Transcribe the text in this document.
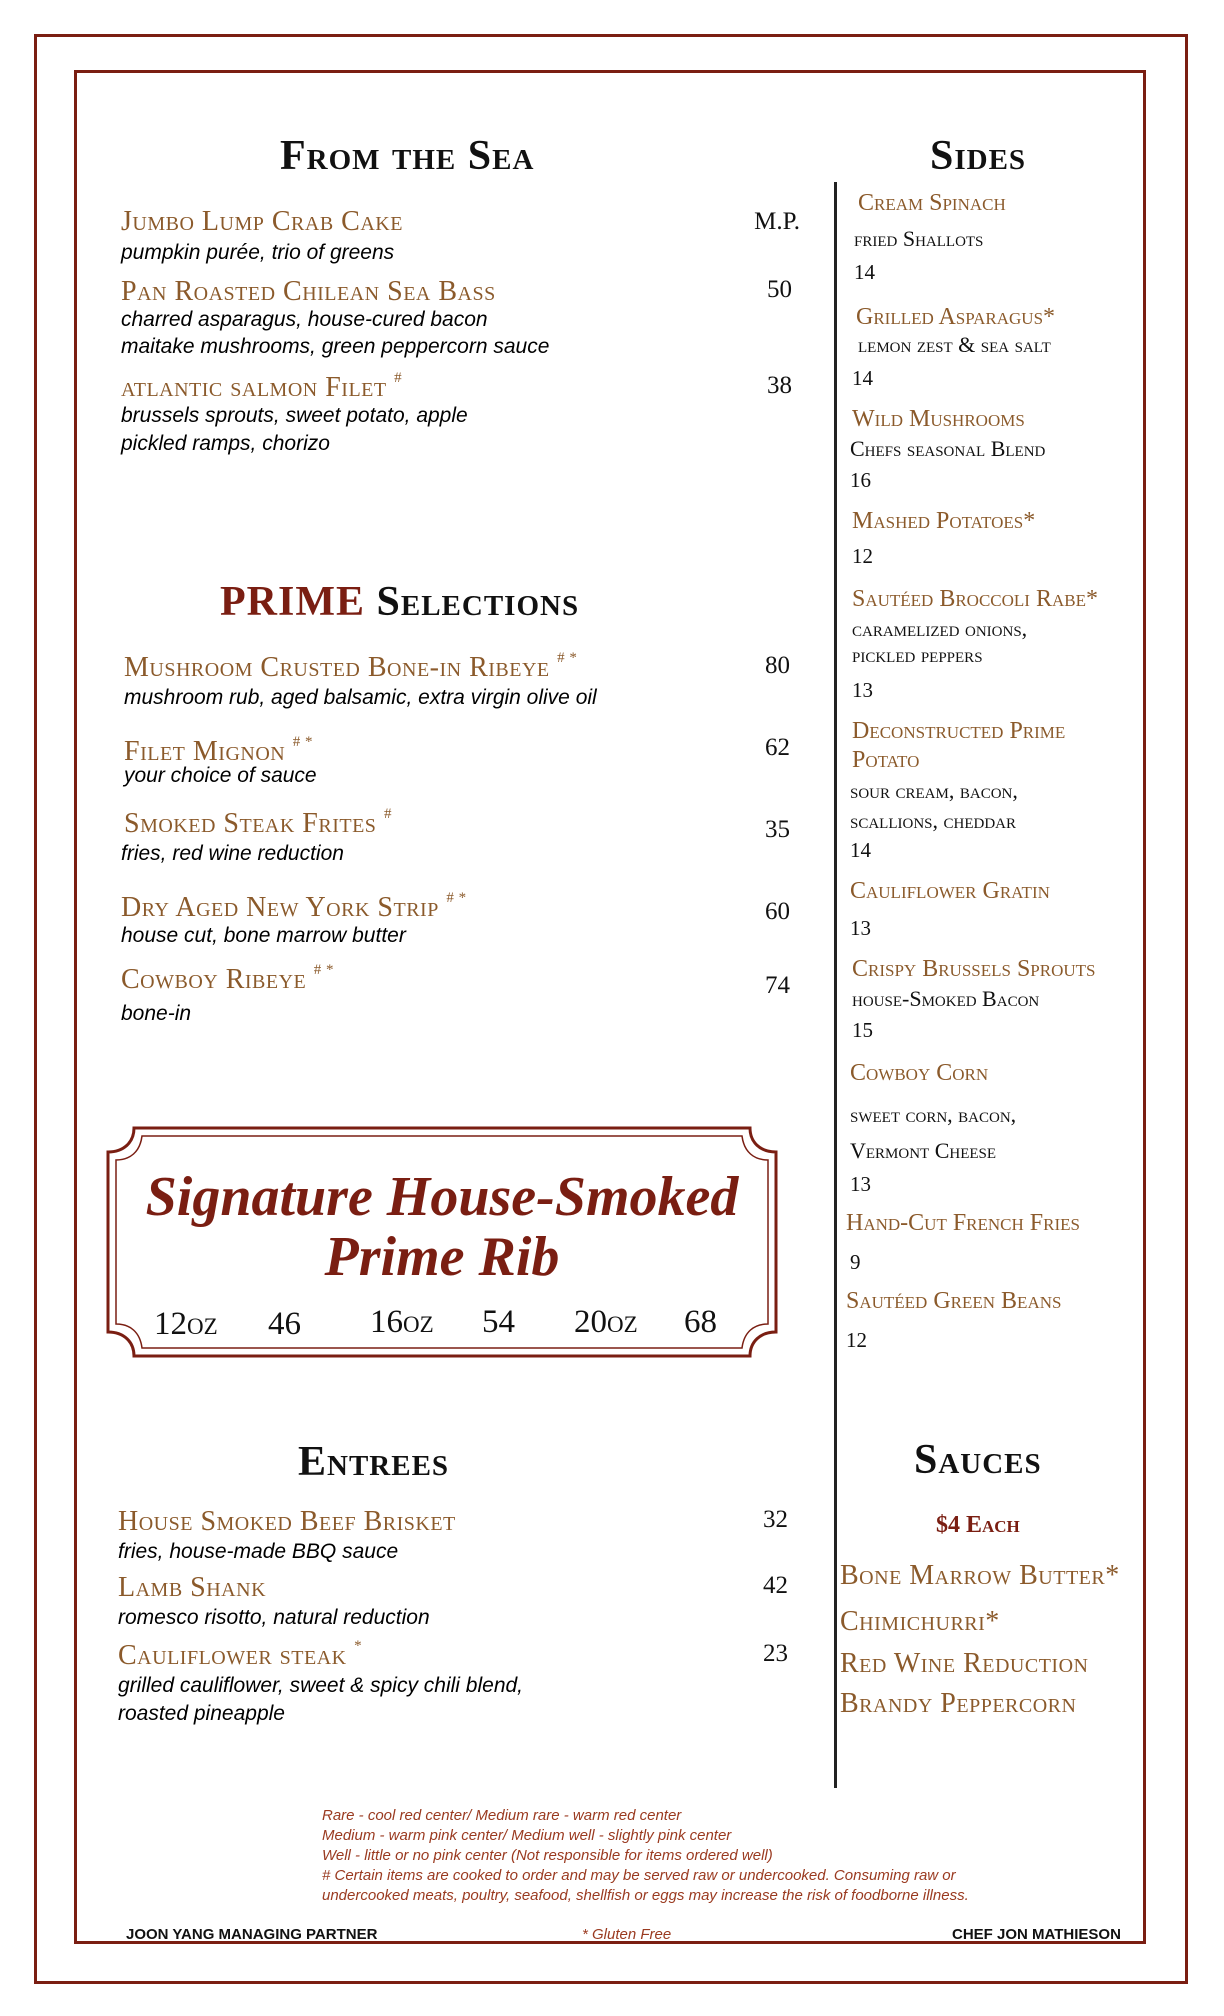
From the Sea
Jumbo Lump Crab Cake
pumpkin purée, trio of greens
M.P.
Pan Roasted Chilean Sea Bass
charred asparagus, house-cured bacon
maitake mushrooms, green peppercorn sauce
50
atlantic salmon Filet #
brussels sprouts, sweet potato, apple
pickled ramps, chorizo
38
PRIME Selections
Mushroom Crusted Bone-in Ribeye # *
mushroom rub, aged balsamic, extra virgin olive oil
80
Filet Mignon # *
your choice of sauce
62
Smoked Steak Frites #
fries, red wine reduction
35
Dry Aged New York Strip # *
house cut, bone marrow butter
60
Cowboy Ribeye # *
bone-in
74
Signature House-Smoked
Prime Rib
12oz 46 16oz 54 20oz 68
Entrees
House Smoked Beef Brisket
fries, house-made BBQ sauce
32
Lamb Shank
romesco risotto, natural reduction
42
Cauliflower steak *
grilled cauliflower, sweet & spicy chili blend,
roasted pineapple
23
Sides
Cream Spinach
fried Shallots
14
Grilled Asparagus*
lemon zest & sea salt
14
Wild Mushrooms
Chefs seasonal Blend
16
Mashed Potatoes*
12
Sautéed Broccoli Rabe*
caramelized onions,
pickled peppers
13
Deconstructed Prime
Potato
sour cream, bacon,
scallions, cheddar
14
Cauliflower Gratin
13
Crispy Brussels Sprouts
house-Smoked Bacon
15
Cowboy Corn
sweet corn, bacon,
Vermont Cheese
13
Hand-Cut French Fries
9
Sautéed Green Beans
12
Sauces
$4 Each
Bone Marrow Butter*
Chimichurri*
Red Wine Reduction
Brandy Peppercorn
Rare - cool red center/ Medium rare - warm red center
Medium - warm pink center/ Medium well - slightly pink center
Well - little or no pink center (Not responsible for items ordered well)
# Certain items are cooked to order and may be served raw or undercooked. Consuming raw or
undercooked meats, poultry, seafood, shellfish or eggs may increase the risk of foodborne illness.
JOON YANG MANAGING PARTNER	* Gluten Free	CHEF JON MATHIESON
